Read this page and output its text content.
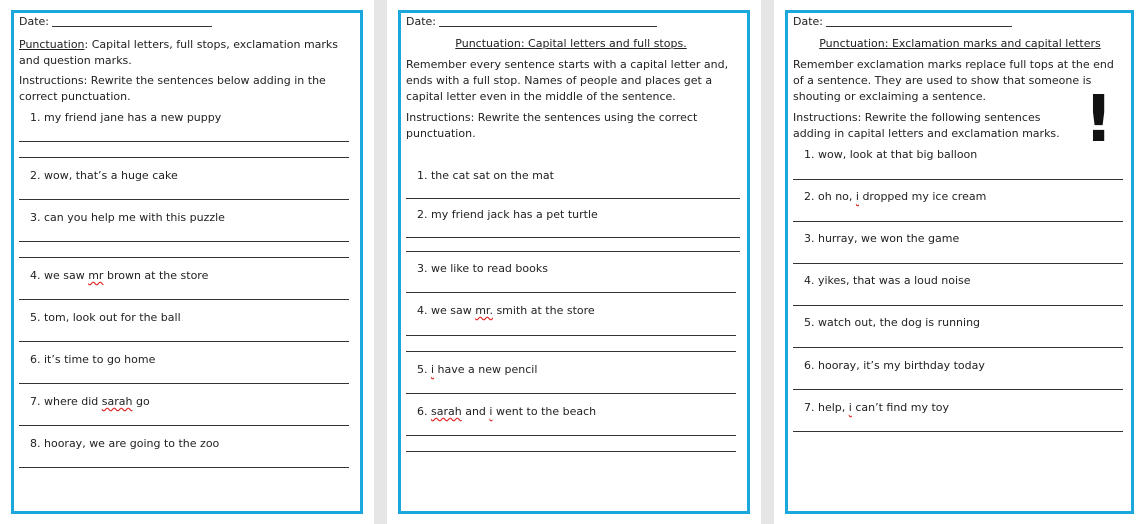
Date:
Punctuation: Capital letters, full stops, exclamation marks and question marks.
Instructions: Rewrite the sentences below adding in the correct punctuation.
1. my friend jane has a new puppy
2. wow, that’s a huge cake
3. can you help me with this puzzle
4. we saw mr brown at the store
5. tom, look out for the ball
6. it’s time to go home
7. where did sarah go
8. hooray, we are going to the zoo
Date:
Punctuation: Capital letters and full stops.
Remember every sentence starts with a capital letter and, ends with a full stop. Names of people and places get a capital letter even in the middle of the sentence.
Instructions: Rewrite the sentences using the correct punctuation.
1. the cat sat on the mat
2. my friend jack has a pet turtle
3. we like to read books
4. we saw mr. smith at the store
5. i have a new pencil
6. sarah and i went to the beach
Date:
Punctuation: Exclamation marks and capital letters
Remember exclamation marks replace full tops at the end of a sentence. They are used to show that someone is shouting or exclaiming a sentence.
Instructions: Rewrite the following sentences adding in capital letters and exclamation marks. !
1. wow, look at that big balloon
2. oh no, i dropped my ice cream
3. hurray, we won the game
4. yikes, that was a loud noise
5. watch out, the dog is running
6. hooray, it’s my birthday today
7. help, i can’t find my toy
